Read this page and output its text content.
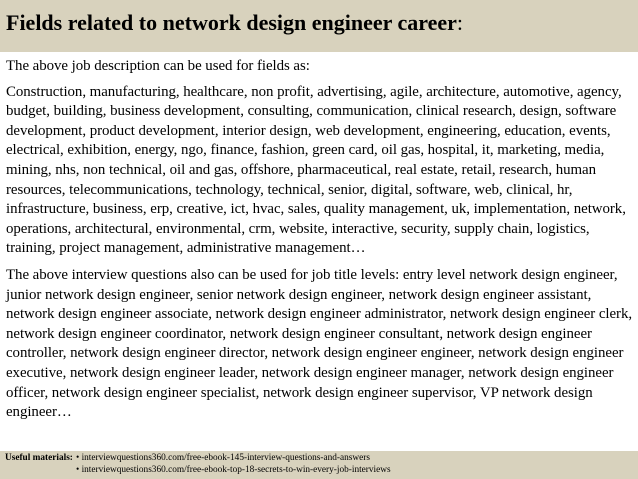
Fields related to network design engineer career:

The above job description can be used for fields as:

Construction, manufacturing, healthcare, non profit, advertising, agile, architecture, automotive, agency, budget, building, business development, consulting, communication, clinical research, design, software development, product development, interior design, web development, engineering, education, events, electrical, exhibition, energy, ngo, finance, fashion, green card, oil gas, hospital, it, marketing, media, mining, nhs, non technical, oil and gas, offshore, pharmaceutical, real estate, retail, research, human resources, telecommunications, technology, technical, senior, digital, software, web, clinical, hr, infrastructure, business, erp, creative, ict, hvac, sales, quality management, uk, implementation, network, operations, architectural, environmental, crm, website, interactive, security, supply chain, logistics, training, project management, administrative management…

The above interview questions also can be used for job title levels: entry level network design engineer, junior network design engineer, senior network design engineer, network design engineer assistant, network design engineer associate, network design engineer administrator, network design engineer clerk, network design engineer coordinator, network design engineer consultant, network design engineer controller, network design engineer director, network design engineer engineer, network design engineer executive, network design engineer leader, network design engineer manager, network design engineer officer, network design engineer specialist, network design engineer supervisor, VP network design engineer…

Useful materials: • interviewquestions360.com/free-ebook-145-interview-questions-and-answers
• interviewquestions360.com/free-ebook-top-18-secrets-to-win-every-job-interviews
